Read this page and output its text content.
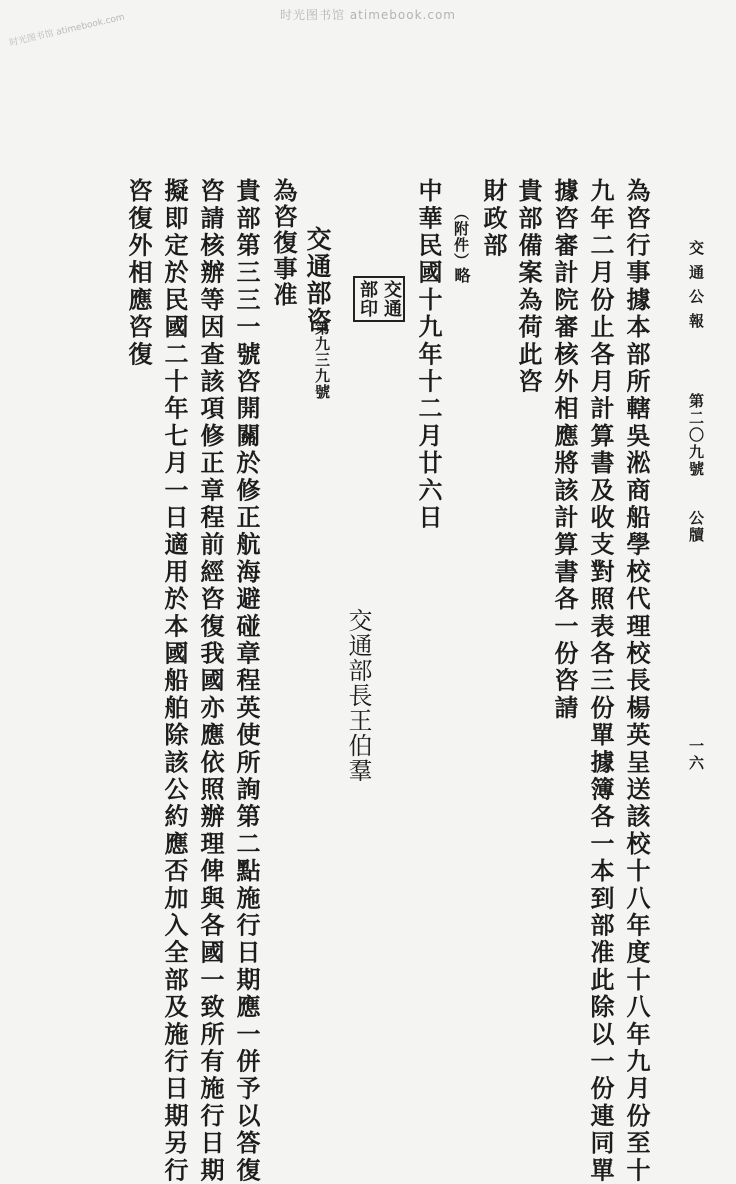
时光图书馆 atimebook.com
时光图书馆 atimebook.com
交 通 公 報
第二〇九號
公牘
一六
為咨行事據本部所轄吳淞商船學校代理校長楊英呈送該校十八年度十八年九月份至十
九年二月份止各月計算書及收支對照表各三份單據簿各一本到部准此除以一份連同單
據咨審計院審核外相應將該計算書各一份咨請
貴部備案為荷此咨
財政部
（附件）
略
中華民國十九年十二月廿六日
交通
部印
交通部長王伯羣
交通部咨
第九三九號
為咨復事准
貴部第三三一號咨開關於修正航海避碰章程英使所詢第二點施行日期應一併予以答復
咨請核辦等因查該項修正章程前經咨復我國亦應依照辦理俾與各國一致所有施行日期
擬即定於民國二十年七月一日適用於本國船舶除該公約應否加入全部及施行日期另行
咨復外相應咨復
